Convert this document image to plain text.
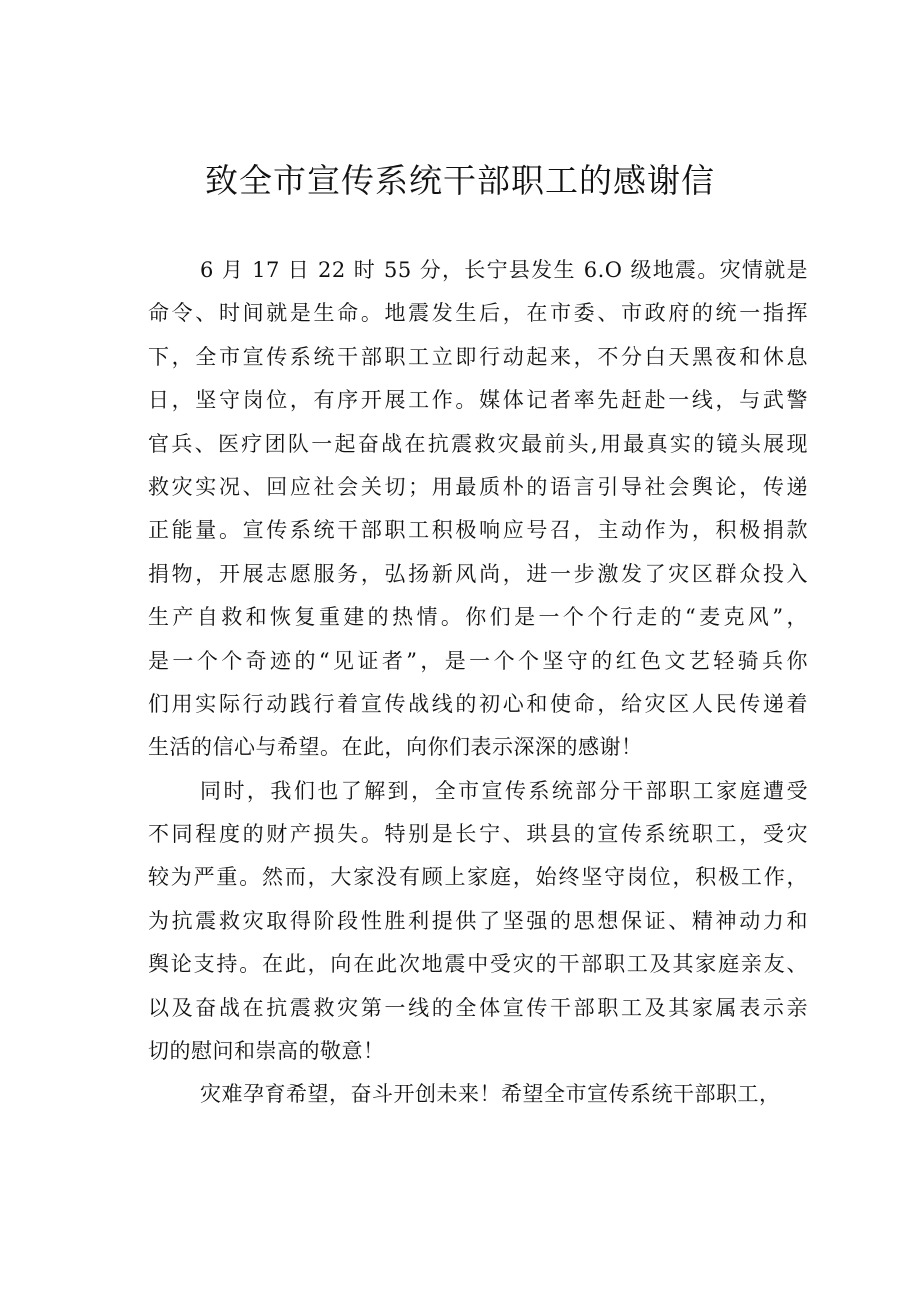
致全市宣传系统干部职工的感谢信
6 月 17 日 22 时 55 分，长宁县发生 6.O 级地震。灾情就是
命令、时间就是生命。地震发生后，在市委、市政府的统一指挥
下，全市宣传系统干部职工立即行动起来，不分白天黑夜和休息
日，坚守岗位，有序开展工作。媒体记者率先赶赴一线，与武警
官兵、医疗团队一起奋战在抗震救灾最前头,用最真实的镜头展现
救灾实况、回应社会关切；用最质朴的语言引导社会舆论，传递
正能量。宣传系统干部职工积极响应号召，主动作为，积极捐款
捐物，开展志愿服务，弘扬新风尚，进一步激发了灾区群众投入
生产自救和恢复重建的热情。你们是一个个行走的“麦克风”，
是一个个奇迹的“见证者”，是一个个坚守的红色文艺轻骑兵你
们用实际行动践行着宣传战线的初心和使命，给灾区人民传递着
生活的信心与希望。在此，向你们表示深深的感谢！
同时，我们也了解到，全市宣传系统部分干部职工家庭遭受
不同程度的财产损失。特别是长宁、珙县的宣传系统职工，受灾
较为严重。然而，大家没有顾上家庭，始终坚守岗位，积极工作，
为抗震救灾取得阶段性胜利提供了坚强的思想保证、精神动力和
舆论支持。在此，向在此次地震中受灾的干部职工及其家庭亲友、
以及奋战在抗震救灾第一线的全体宣传干部职工及其家属表示亲
切的慰问和崇高的敬意！
灾难孕育希望，奋斗开创未来！希望全市宣传系统干部职工，
